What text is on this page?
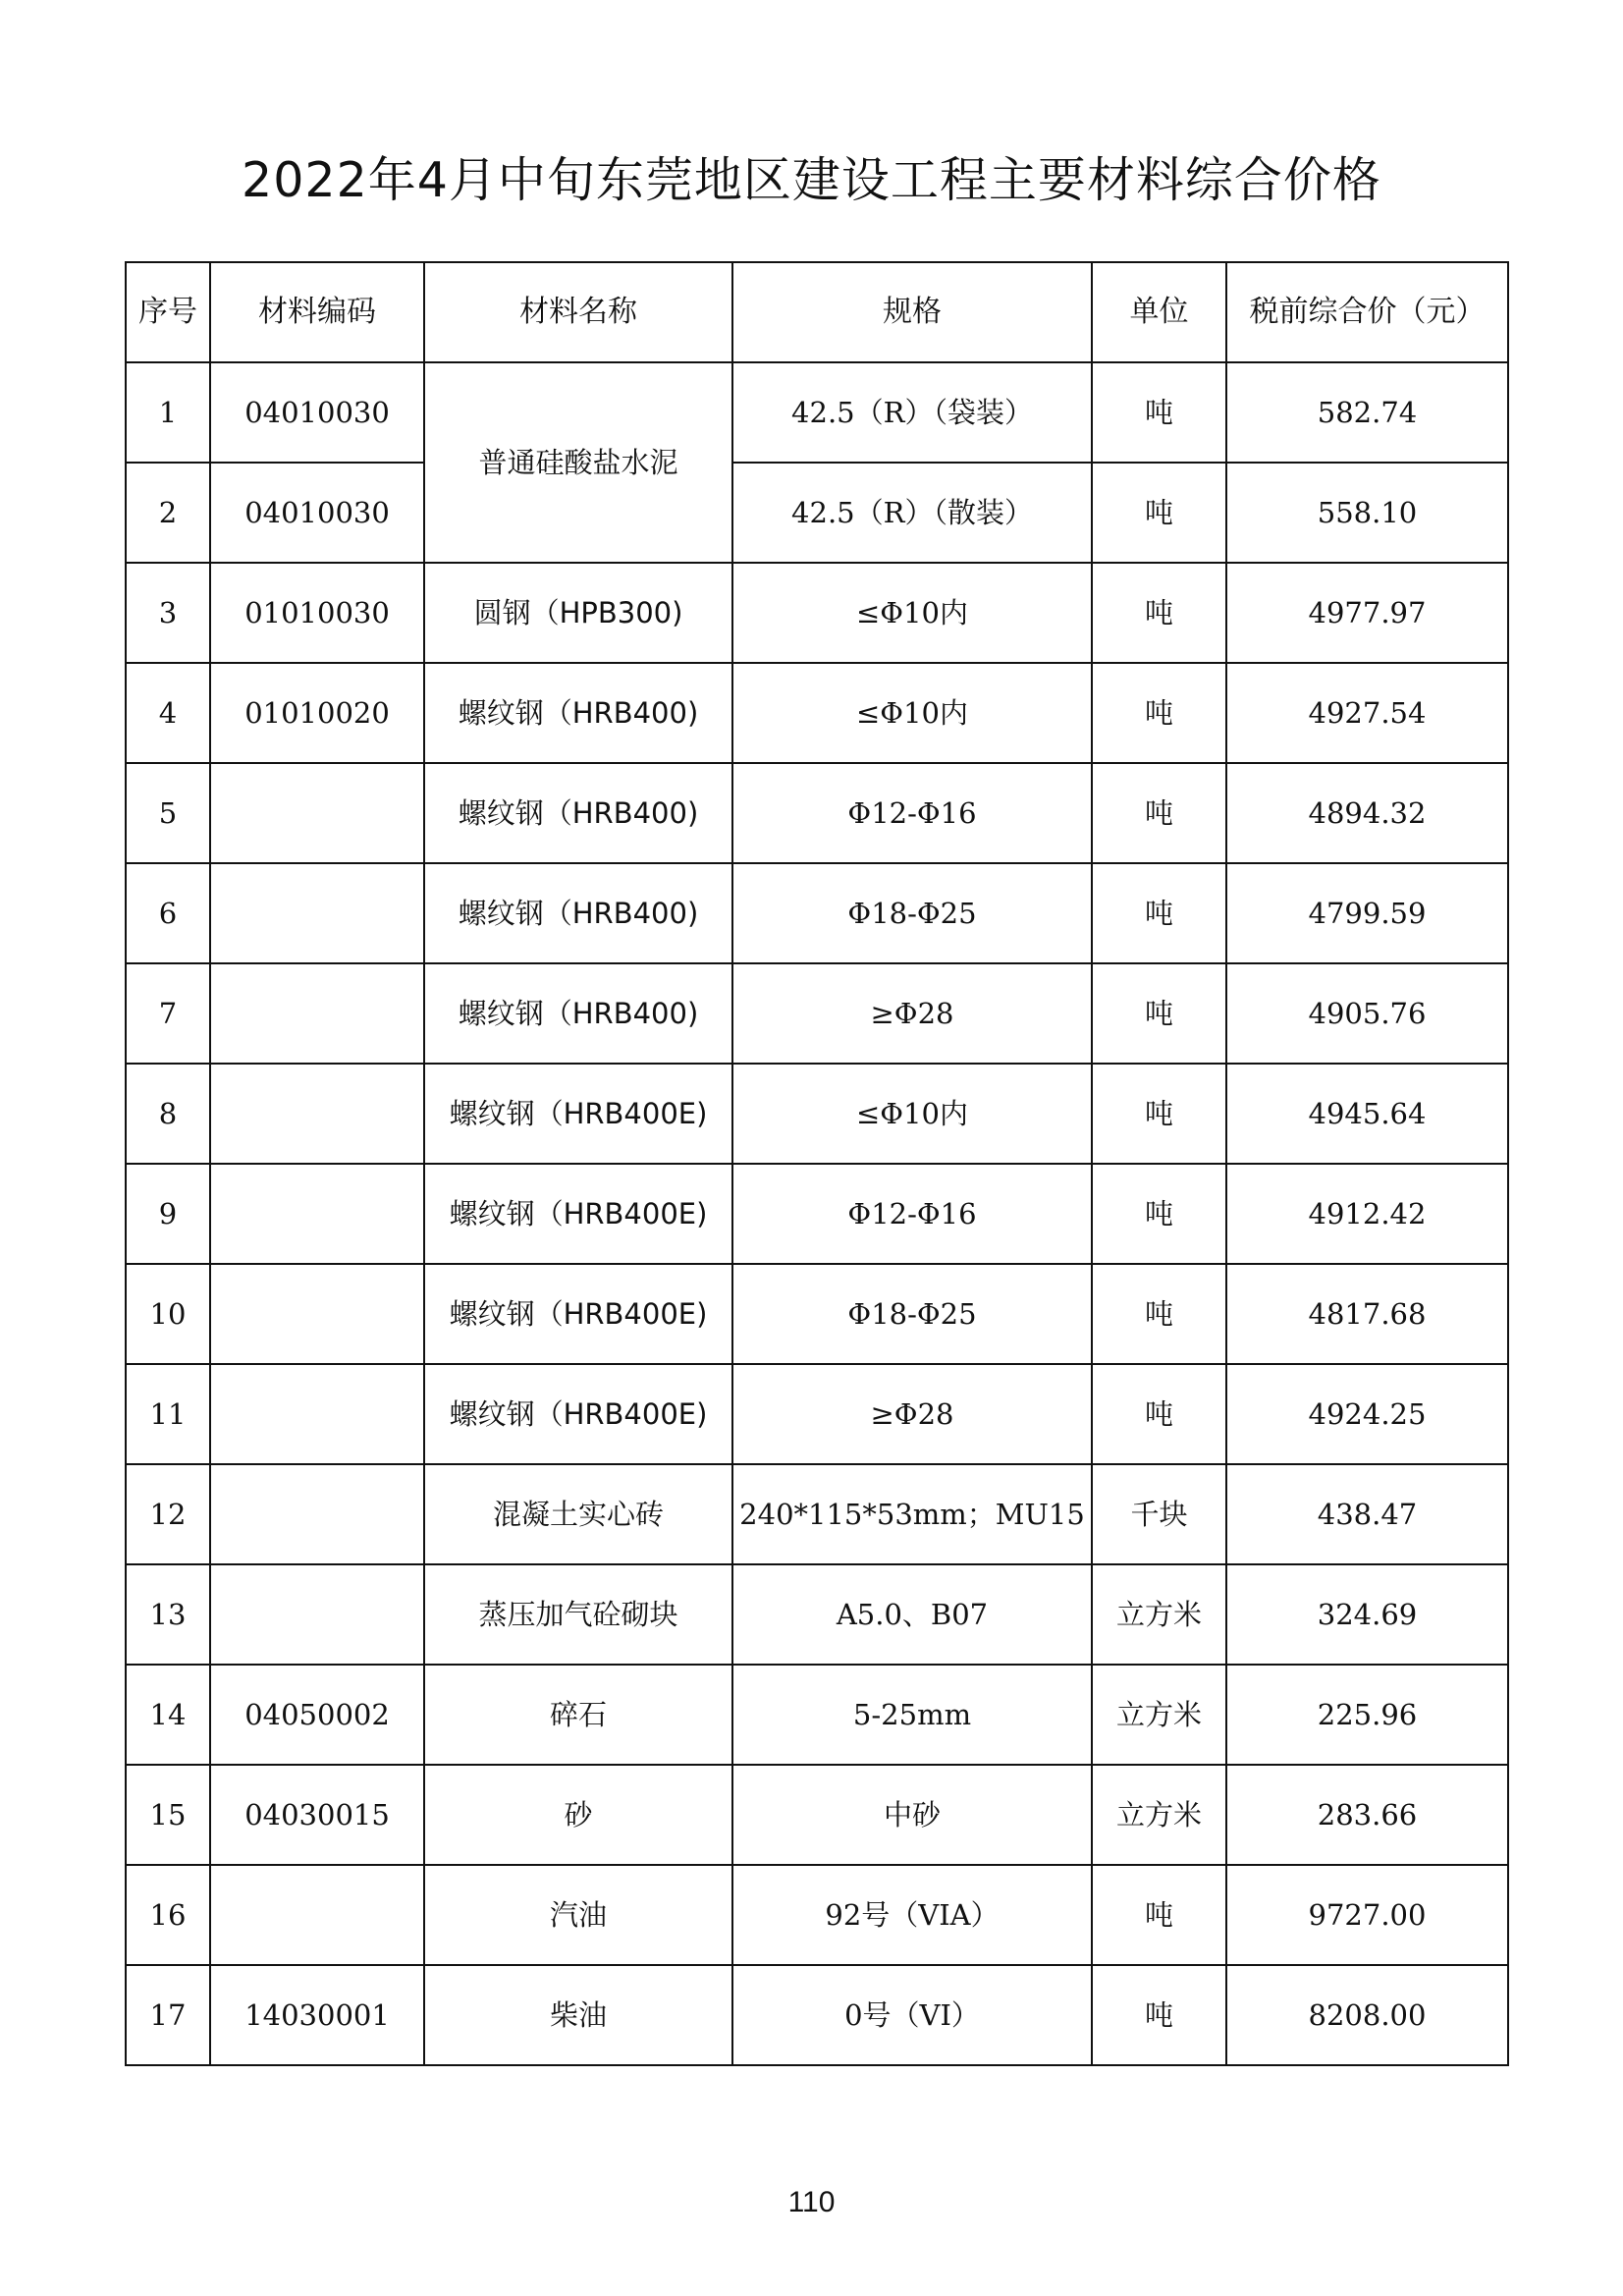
2022年4月中旬东莞地区建设工程主要材料综合价格
序号	材料编码	材料名称	规格	单位	税前综合价（元）
1	04010030	普通硅酸盐水泥	42.5（R）（袋装）	吨	582.74
2	04010030		42.5（R）（散装）	吨	558.10
3	01010030	圆钢（HPB300)	≤Φ10内	吨	4977.97
4	01010020	螺纹钢（HRB400)	≤Φ10内	吨	4927.54
5		螺纹钢（HRB400)	Φ12-Φ16	吨	4894.32
6		螺纹钢（HRB400)	Φ18-Φ25	吨	4799.59
7		螺纹钢（HRB400)	≥Φ28	吨	4905.76
8		螺纹钢（HRB400E)	≤Φ10内	吨	4945.64
9		螺纹钢（HRB400E)	Φ12-Φ16	吨	4912.42
10		螺纹钢（HRB400E)	Φ18-Φ25	吨	4817.68
11		螺纹钢（HRB400E)	≥Φ28	吨	4924.25
12		混凝土实心砖	240*115*53mm；MU15	千块	438.47
13		蒸压加气砼砌块	A5.0、B07	立方米	324.69
14	04050002	碎石	5-25mm	立方米	225.96
15	04030015	砂	中砂	立方米	283.66
16		汽油	92号（VIA）	吨	9727.00
17	14030001	柴油	0号（VI）	吨	8208.00
110
